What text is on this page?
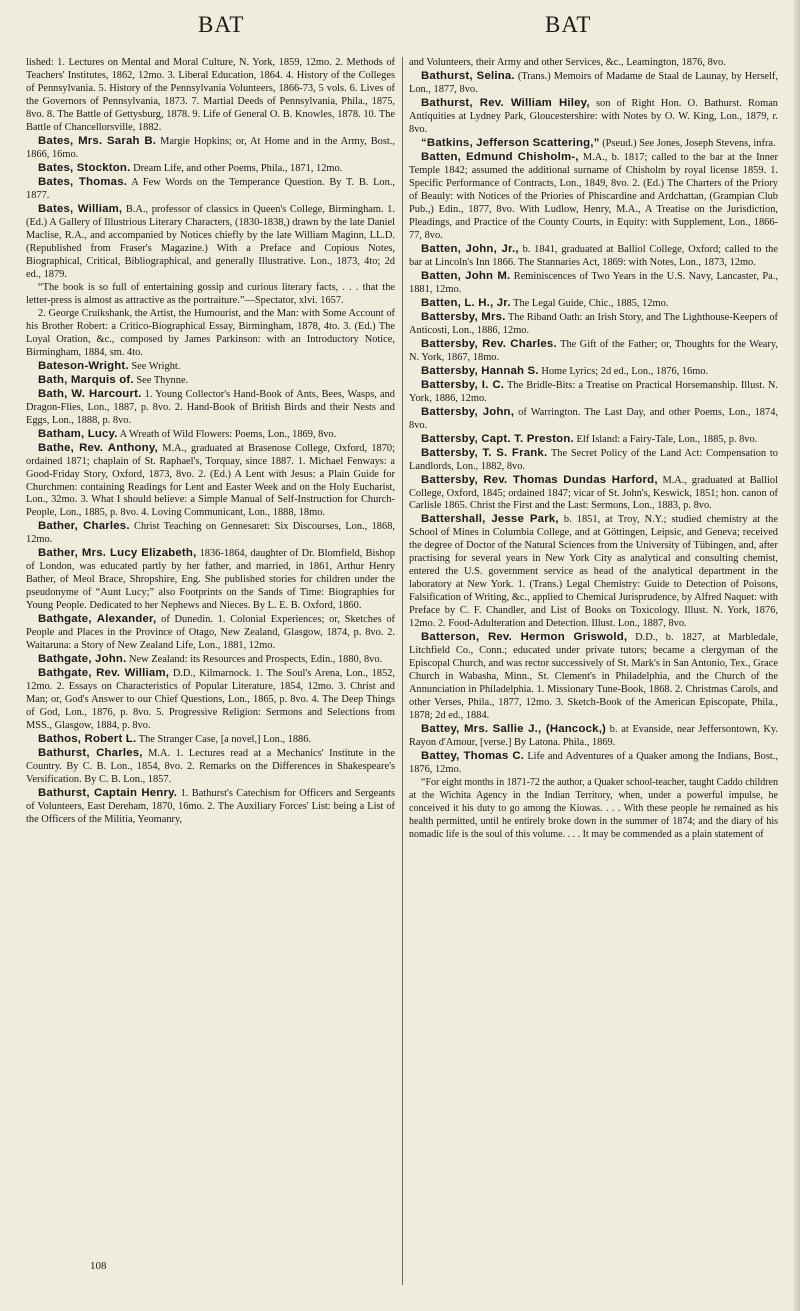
BAT	BAT

lished: 1. Lectures on Mental and Moral Culture, N. York, 1859, 12mo. 2. Methods of Teachers' Institutes, 1862, 12mo. 3. Liberal Education, 1864. 4. History of the Colleges of Pennsylvania. 5. History of the Pennsylvania Volunteers, 1866-73, 5 vols. 6. Lives of the Governors of Pennsylvania, 1873. 7. Martial Deeds of Pennsylvania, Phila., 1875, 8vo. 8. The Battle of Gettysburg, 1878. 9. Life of General O. B. Knowles, 1878. 10. The Battle of Chancellorsville, 1882.

Bates, Mrs. Sarah B. Margie Hopkins; or, At Home and in the Army, Bost., 1866, 16mo.

Bates, Stockton. Dream Life, and other Poems, Phila., 1871, 12mo.

Bates, Thomas. A Few Words on the Temperance Question. By T. B. Lon., 1877.

Bates, William, B.A., professor of classics in Queen's College, Birmingham. 1. (Ed.) A Gallery of Illustrious Literary Characters, (1830-1838,) drawn by the late Daniel Maclise, R.A., and accompanied by Notices chiefly by the late William Maginn, LL.D. (Republished from Fraser's Magazine.) With a Preface and Copious Notes, Biographical, Critical, Bibliographical, and generally Illustrative. Lon., 1873, 4to; 2d ed., 1879.

“The book is so full of entertaining gossip and curious literary facts, . . . that the letter-press is almost as attractive as the portraiture.”—Spectator, xlvi. 1657.

2. George Cruikshank, the Artist, the Humourist, and the Man: with Some Account of his Brother Robert: a Critico-Biographical Essay, Birmingham, 1878, 4to. 3. (Ed.) The Loyal Oration, &c., composed by James Parkinson: with an Introductory Notice, Birmingham, 1884, sm. 4to.

Bateson-Wright. See Wright.

Bath, Marquis of. See Thynne.

Bath, W. Harcourt. 1. Young Collector's Hand-Book of Ants, Bees, Wasps, and Dragon-Flies, Lon., 1887, p. 8vo. 2. Hand-Book of British Birds and their Nests and Eggs, Lon., 1888, p. 8vo.

Batham, Lucy. A Wreath of Wild Flowers: Poems, Lon., 1869, 8vo.

Bathe, Rev. Anthony, M.A., graduated at Brasenose College, Oxford, 1870; ordained 1871; chaplain of St. Raphael's, Torquay, since 1887. 1. Michael Fenways: a Good-Friday Story, Oxford, 1873, 8vo. 2. (Ed.) A Lent with Jesus: a Plain Guide for Churchmen: containing Readings for Lent and Easter Week and on the Holy Eucharist, Lon., 32mo. 3. What I should believe: a Simple Manual of Self-Instruction for Church-People, Lon., 1885, p. 8vo. 4. Loving Communicant, Lon., 1888, 18mo.

Bather, Charles. Christ Teaching on Gennesaret: Six Discourses, Lon., 1868, 12mo.

Bather, Mrs. Lucy Elizabeth, 1836-1864, daughter of Dr. Blomfield, Bishop of London, was educated partly by her father, and married, in 1861, Arthur Henry Bather, of Meol Brace, Shropshire, Eng. She published stories for children under the pseudonyme of “Aunt Lucy;” also Footprints on the Sands of Time: Biographies for Young People. Dedicated to her Nephews and Nieces. By L. E. B. Oxford, 1860.

Bathgate, Alexander, of Dunedin. 1. Colonial Experiences; or, Sketches of People and Places in the Province of Otago, New Zealand, Glasgow, 1874, p. 8vo. 2. Waitaruna: a Story of New Zealand Life, Lon., 1881, 12mo.

Bathgate, John. New Zealand: its Resources and Prospects, Edin., 1880, 8vo.

Bathgate, Rev. William, D.D., Kilmarnock. 1. The Soul's Arena, Lon., 1852, 12mo. 2. Essays on Characteristics of Popular Literature, 1854, 12mo. 3. Christ and Man; or, God's Answer to our Chief Questions, Lon., 1865, p. 8vo. 4. The Deep Things of God, Lon., 1876, p. 8vo. 5. Progressive Religion: Sermons and Selections from MSS., Glasgow, 1884, p. 8vo.

Bathos, Robert L. The Stranger Case, [a novel,] Lon., 1886.

Bathurst, Charles, M.A. 1. Lectures read at a Mechanics' Institute in the Country. By C. B. Lon., 1854, 8vo. 2. Remarks on the Differences in Shakespeare's Versification. By C. B. Lon., 1857.

Bathurst, Captain Henry. 1. Bathurst's Catechism for Officers and Sergeants of Volunteers, East Dereham, 1870, 16mo. 2. The Auxiliary Forces' List: being a List of the Officers of the Militia, Yeomanry,

and Volunteers, their Army and other Services, &c., Leamington, 1876, 8vo.

Bathurst, Selina. (Trans.) Memoirs of Madame de Staal de Launay, by Herself, Lon., 1877, 8vo.

Bathurst, Rev. William Hiley, son of Right Hon. O. Bathurst. Roman Antiquities at Lydney Park, Gloucestershire: with Notes by O. W. King, Lon., 1879, r. 8vo.

“Batkins, Jefferson Scattering,” (Pseud.) See Jones, Joseph Stevens, infra.

Batten, Edmund Chisholm-, M.A., b. 1817; called to the bar at the Inner Temple 1842; assumed the additional surname of Chisholm by royal license 1859. 1. Specific Performance of Contracts, Lon., 1849, 8vo. 2. (Ed.) The Charters of the Priory of Beauly: with Notices of the Priories of Phiscardine and Ardchattan, (Grampian Club Pub.,) Edin., 1877, 8vo. With Ludlow, Henry, M.A., A Treatise on the Jurisdiction, Pleadings, and Practice of the County Courts, in Equity: with Supplement, Lon., 1866-77, 8vo.

Batten, John, Jr., b. 1841, graduated at Balliol College, Oxford; called to the bar at Lincoln's Inn 1866. The Stannaries Act, 1869: with Notes, Lon., 1873, 12mo.

Batten, John M. Reminiscences of Two Years in the U.S. Navy, Lancaster, Pa., 1881, 12mo.

Batten, L. H., Jr. The Legal Guide, Chic., 1885, 12mo.

Battersby, Mrs. The Riband Oath: an Irish Story, and The Lighthouse-Keepers of Anticosti, Lon., 1886, 12mo.

Battersby, Rev. Charles. The Gift of the Father; or, Thoughts for the Weary, N. York, 1867, 18mo.

Battersby, Hannah S. Home Lyrics; 2d ed., Lon., 1876, 16mo.

Battersby, I. C. The Bridle-Bits: a Treatise on Practical Horsemanship. Illust. N. York, 1886, 12mo.

Battersby, John, of Warrington. The Last Day, and other Poems, Lon., 1874, 8vo.

Battersby, Capt. T. Preston. Elf Island: a Fairy-Tale, Lon., 1885, p. 8vo.

Battersby, T. S. Frank. The Secret Policy of the Land Act: Compensation to Landlords, Lon., 1882, 8vo.

Battersby, Rev. Thomas Dundas Harford, M.A., graduated at Balliol College, Oxford, 1845; ordained 1847; vicar of St. John's, Keswick, 1851; hon. canon of Carlisle 1865. Christ the First and the Last: Sermons, Lon., 1883, p. 8vo.

Battershall, Jesse Park, b. 1851, at Troy, N.Y.; studied chemistry at the School of Mines in Columbia College, and at Göttingen, Leipsic, and Geneva; received the degree of Doctor of the Natural Sciences from the University of Tübingen, and, after practising for several years in New York City as analytical and consulting chemist, entered the U.S. government service as head of the analytical department in the laboratory at New York. 1. (Trans.) Legal Chemistry: Guide to Detection of Poisons, Falsification of Writing, &c., applied to Chemical Jurisprudence, by Alfred Naquet: with Preface by C. F. Chandler, and List of Books on Toxicology. Illust. N. York, 1876, 12mo. 2. Food-Adulteration and Detection. Illust. Lon., 1887, 8vo.

Batterson, Rev. Hermon Griswold, D.D., b. 1827, at Marbledale, Litchfield Co., Conn.; educated under private tutors; became a clergyman of the Episcopal Church, and was rector successively of St. Mark's in San Antonio, Tex., Grace Church in Wabasha, Minn., St. Clement's in Philadelphia, and the Church of the Annunciation in Philadelphia. 1. Missionary Tune-Book, 1868. 2. Christmas Carols, and other Verses, Phila., 1877, 12mo. 3. Sketch-Book of the American Episcopate, Phila., 1878; 2d ed., 1884.

Battey, Mrs. Sallie J., (Hancock,) b. at Evanside, near Jeffersontown, Ky. Rayon d'Amour, [verse.] By Latona. Phila., 1869.

Battey, Thomas C. Life and Adventures of a Quaker among the Indians, Bost., 1876, 12mo.

“For eight months in 1871-72 the author, a Quaker school-teacher, taught Caddo children at the Wichita Agency in the Indian Territory, when, under a powerful impulse, he conceived it his duty to go among the Kiowas. . . . With these people he remained as his health permitted, until he entirely broke down in the summer of 1874; and the diary of his nomadic life is the soul of this volume. . . . It may be commended as a plain statement of

108
